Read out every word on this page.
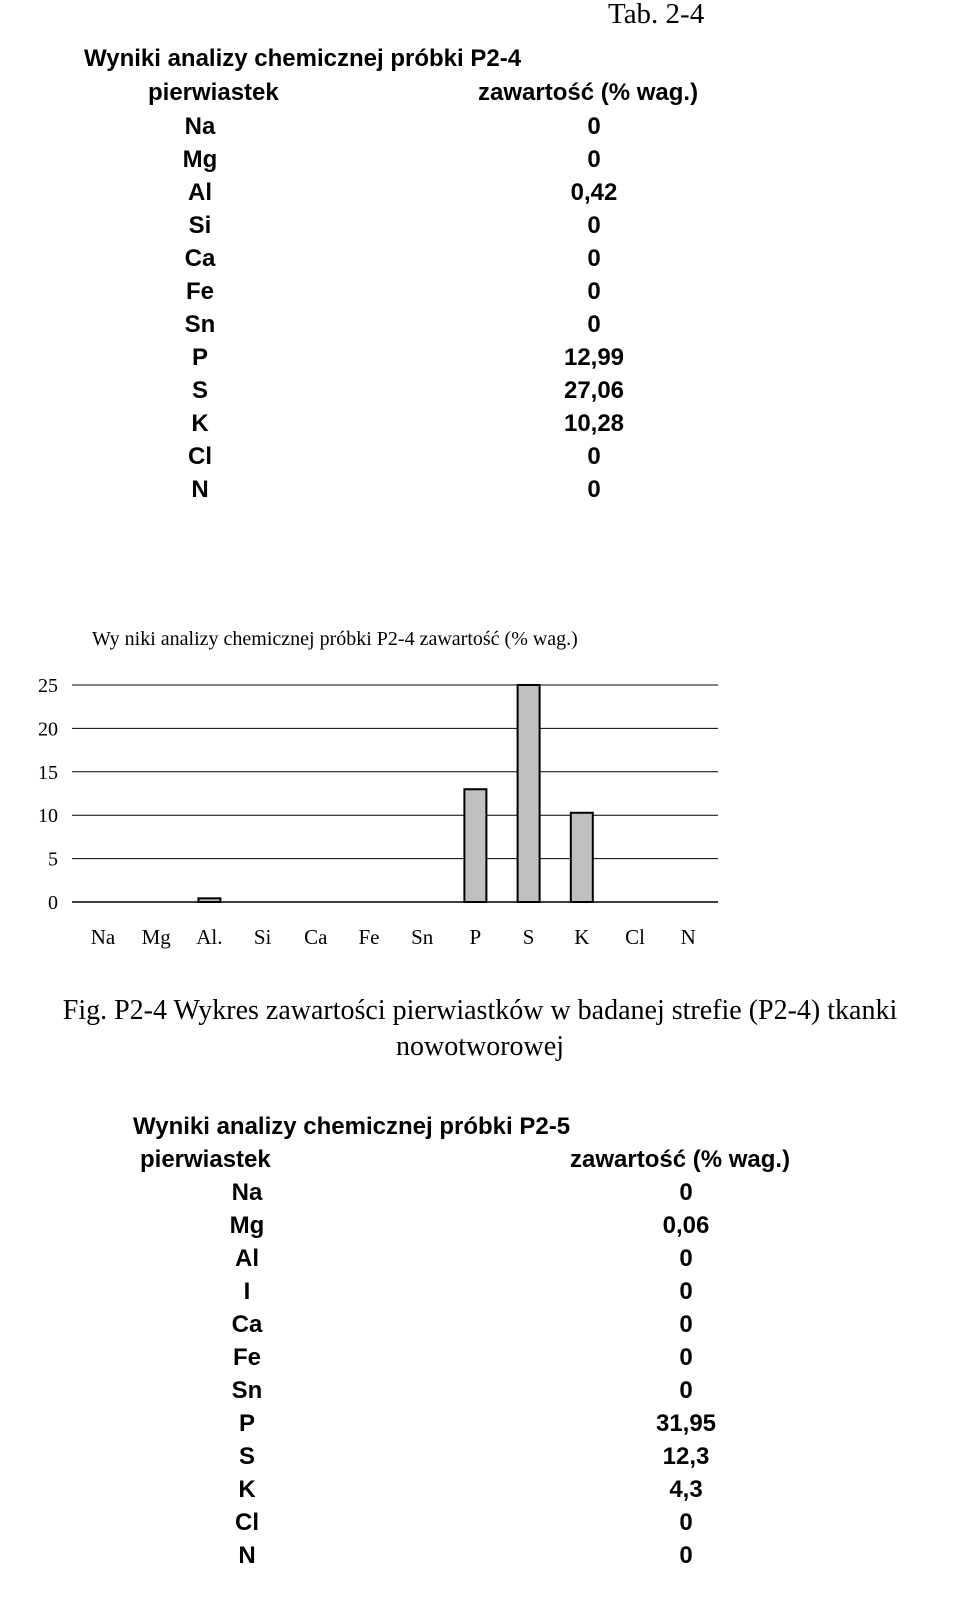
Tab. 2-4
Wyniki analizy chemicznej próbki P2-4
pierwiastek	zawartość (% wag.)
Na	0
Mg	0
Al	0,42
Si	0
Ca	0
Fe	0
Sn	0
P	12,99
S	27,06
K	10,28
Cl	0
N	0
Wy niki analizy chemicznej próbki P2-4 zawartość (% wag.)
0
5
10
15
20
25
Na Mg Al. Si Ca Fe Sn P S K Cl N
Fig. P2-4 Wykres zawartości pierwiastków w badanej strefie (P2-4) tkanki nowotworowej
Wyniki analizy chemicznej próbki P2-5
pierwiastek	zawartość (% wag.)
Na	0
Mg	0,06
Al	0
I	0
Ca	0
Fe	0
Sn	0
P	31,95
S	12,3
K	4,3
Cl	0
N	0
